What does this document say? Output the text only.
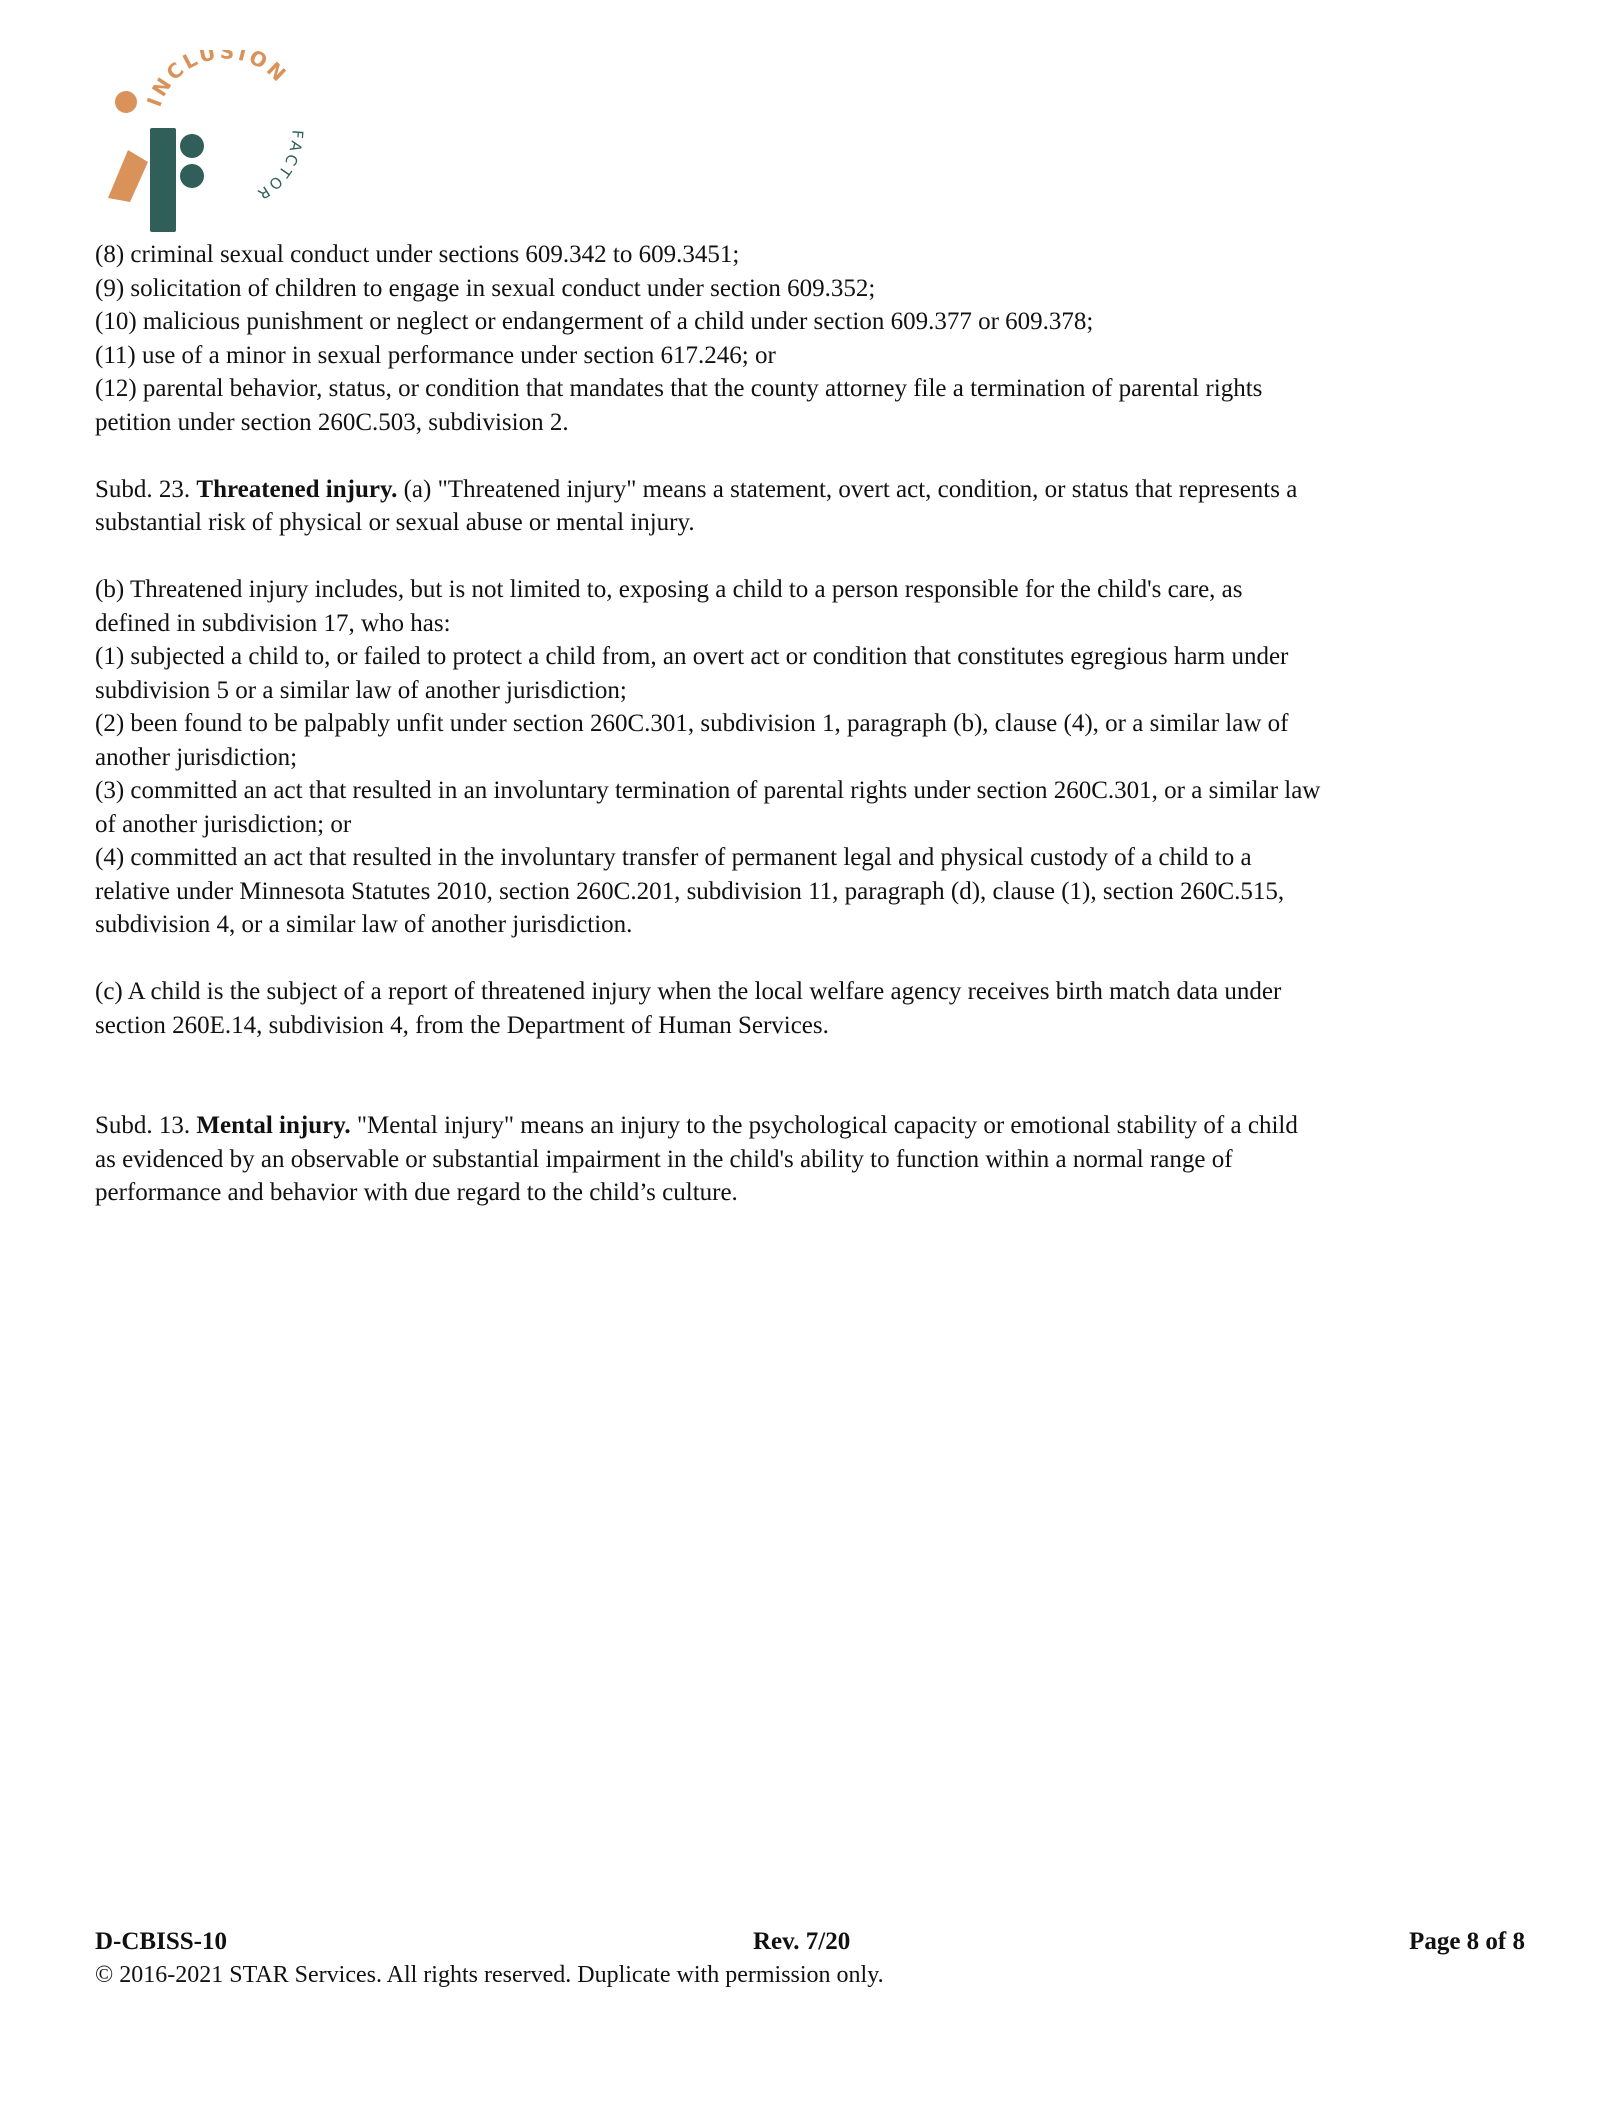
INCLUSION
FACTOR
(8) criminal sexual conduct under sections 609.342 to 609.3451;
(9) solicitation of children to engage in sexual conduct under section 609.352;
(10) malicious punishment or neglect or endangerment of a child under section 609.377 or 609.378;
(11) use of a minor in sexual performance under section 617.246; or
(12) parental behavior, status, or condition that mandates that the county attorney file a termination of parental rights
petition under section 260C.503, subdivision 2.
Subd. 23. Threatened injury. (a) "Threatened injury" means a statement, overt act, condition, or status that represents a
substantial risk of physical or sexual abuse or mental injury.
(b) Threatened injury includes, but is not limited to, exposing a child to a person responsible for the child's care, as
defined in subdivision 17, who has:
(1) subjected a child to, or failed to protect a child from, an overt act or condition that constitutes egregious harm under
subdivision 5 or a similar law of another jurisdiction;
(2) been found to be palpably unfit under section 260C.301, subdivision 1, paragraph (b), clause (4), or a similar law of
another jurisdiction;
(3) committed an act that resulted in an involuntary termination of parental rights under section 260C.301, or a similar law
of another jurisdiction; or
(4) committed an act that resulted in the involuntary transfer of permanent legal and physical custody of a child to a
relative under Minnesota Statutes 2010, section 260C.201, subdivision 11, paragraph (d), clause (1), section 260C.515,
subdivision 4, or a similar law of another jurisdiction.
(c) A child is the subject of a report of threatened injury when the local welfare agency receives birth match data under
section 260E.14, subdivision 4, from the Department of Human Services.
Subd. 13. Mental injury. "Mental injury" means an injury to the psychological capacity or emotional stability of a child
as evidenced by an observable or substantial impairment in the child's ability to function within a normal range of
performance and behavior with due regard to the child’s culture.
D-CBISS-10	Rev. 7/20	Page 8 of 8
© 2016-2021 STAR Services. All rights reserved. Duplicate with permission only.
